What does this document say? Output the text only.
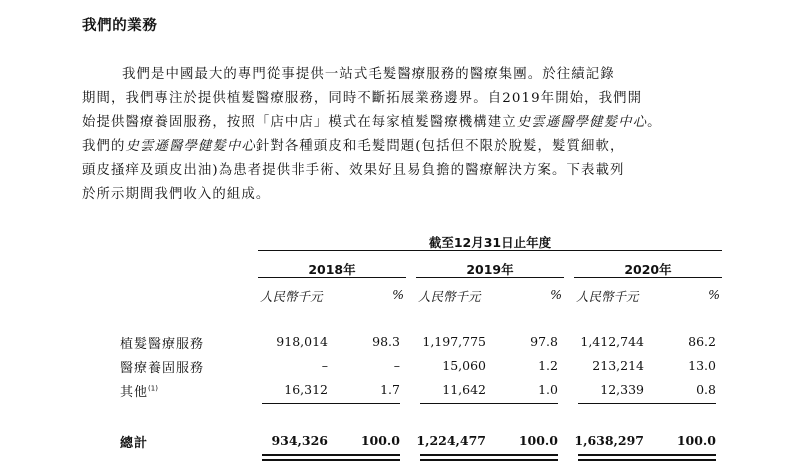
我們的業務
我們是中國最大的專門從事提供一站式毛髮醫療服務的醫療集團。於往績記錄
期間，我們專注於提供植髮醫療服務，同時不斷拓展業務邊界。自2019年開始，我們開
始提供醫療養固服務，按照「店中店」模式在每家植髮醫療機構建立史雲遜醫學健髮中心。
我們的史雲遜醫學健髮中心針對各種頭皮和毛髮問題(包括但不限於脫髮，髮質細軟，
頭皮搔痒及頭皮出油)為患者提供非手術、效果好且易負擔的醫療解決方案。下表載列
於所示期間我們收入的組成。
截至12月31日止年度
2018年	2019年	2020年
人民幣千元	% 人民幣千元	% 人民幣千元	%
植髮醫療服務	918,014	98.3	1,197,775	97.8	1,412,744	86.2
醫療養固服務	–	–	15,060	1.2	213,214	13.0
其他$^{(1)}$	16,312	1.7	11,642	1.0	12,339	0.8
總計	934,326	100.0	1,224,477	100.0	1,638,297	100.0
